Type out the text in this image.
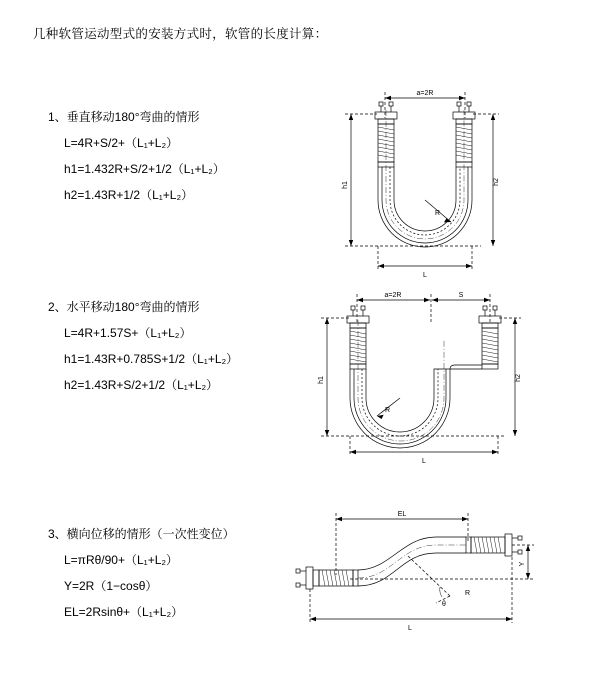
几种软管运动型式的安装方式时，软管的长度计算：
1、垂直移动180°弯曲的情形
L=4R+S/2+（L₁+L₂）
h1=1.432R+S/2+1/2（L₁+L₂）
h2=1.43R+1/2（L₁+L₂）
a=2R
R
L
h1	h2
2、水平移动180°弯曲的情形
L=4R+1.57S+（L₁+L₂）
h1=1.43R+0.785S+1/2（L₁+L₂）
h2=1.43R+S/2+1/2（L₁+L₂）
a=2R	S
R
L
h1	h2
3、横向位移的情形（一次性变位）
L=πRθ/90+（L₁+L₂）
Y=2R（1−cosθ）
EL=2Rsinθ+（L₁+L₂）
EL
θ
R
Y
L
